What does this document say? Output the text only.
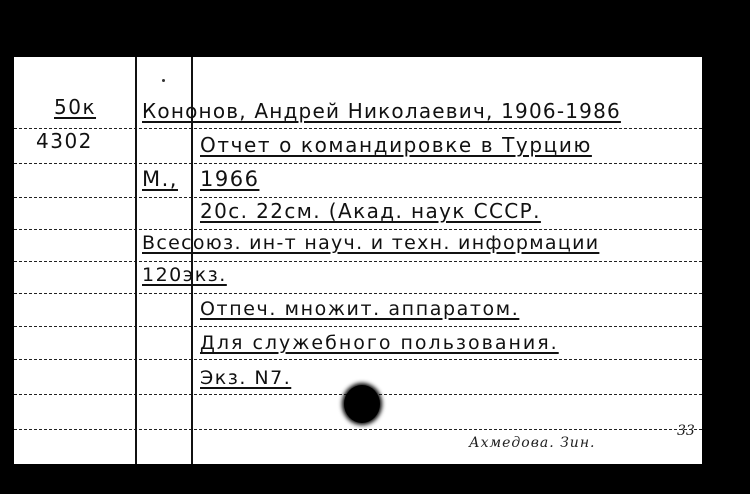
50к
4302
Кононов, Андрей Николаевич, 1906-1986
Отчет о командировке в Турцию
М., 1966
20с. 22см. (Акад. наук СССР.
Всесоюз. ин-т науч. и техн. информации
120экз.
Отпеч. множит. аппаратом.
Для служебного пользования.
Экз. N7.
Ахмедова. Зин.
33
